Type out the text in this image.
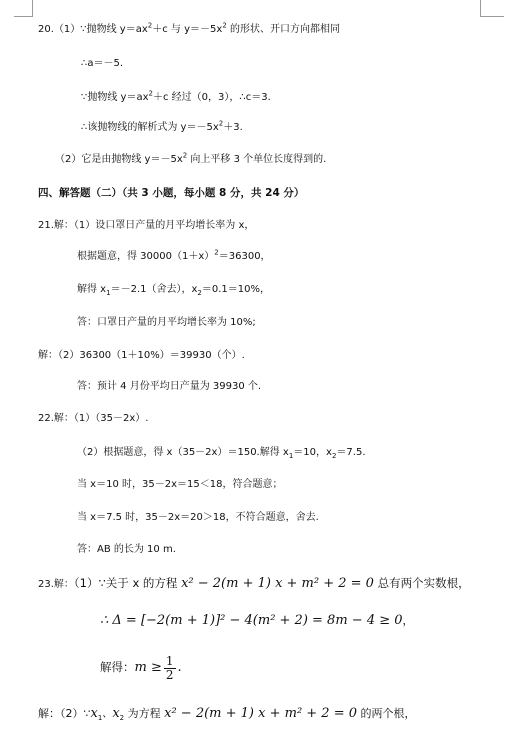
20.（1）∵抛物线 $y=ax^2+c$ 与 $y=-5x^2$ 的形状、开口方向都相同
∴a＝－5.
∵抛物线 $y=ax^2+c$ 经过（0，3），∴c＝3.
∴该抛物线的解析式为 $y=-5x^2+3$.
（2）它是由抛物线 $y=-5x^2$ 向上平移 3 个单位长度得到的.
四、解答题（二）（共 3 小题，每小题 8 分，共 24 分）
21.解：（1）设口罩日产量的月平均增长率为 x，
根据题意，得 $30000(1+x)^2=36300$，
解得 $x_1=-2.1$（舍去），$x_2=0.1=10\%$，
答：口罩日产量的月平均增长率为 10%;
解：（2）36300（1＋10%）＝39930（个）.
答：预计 4 月份平均日产量为 39930 个.
22.解：（1）（35－2x）.
（2）根据题意，得 x（35－2x）＝150.解得 $x_1=10$，$x_2=7.5$.
当 x＝10 时，35－2x＝15＜18，符合题意；
当 x＝7.5 时，35－2x＝20＞18，不符合题意，舍去.
答：AB 的长为 10 m.
23.解：（1）∵关于 x 的方程 x² − 2(m + 1) x + m² + 2 = 0 总有两个实数根，
∴ Δ = [−2(m + 1)]² − 4(m² + 2) = 8m − 4 ≥ 0，
解得：$m \ge \frac{1}{2}$ .
解：$(2)\because x_1$、$x_2$ 为方程 x² − 2(m + 1) x + m² + 2 = 0 的两个根，
